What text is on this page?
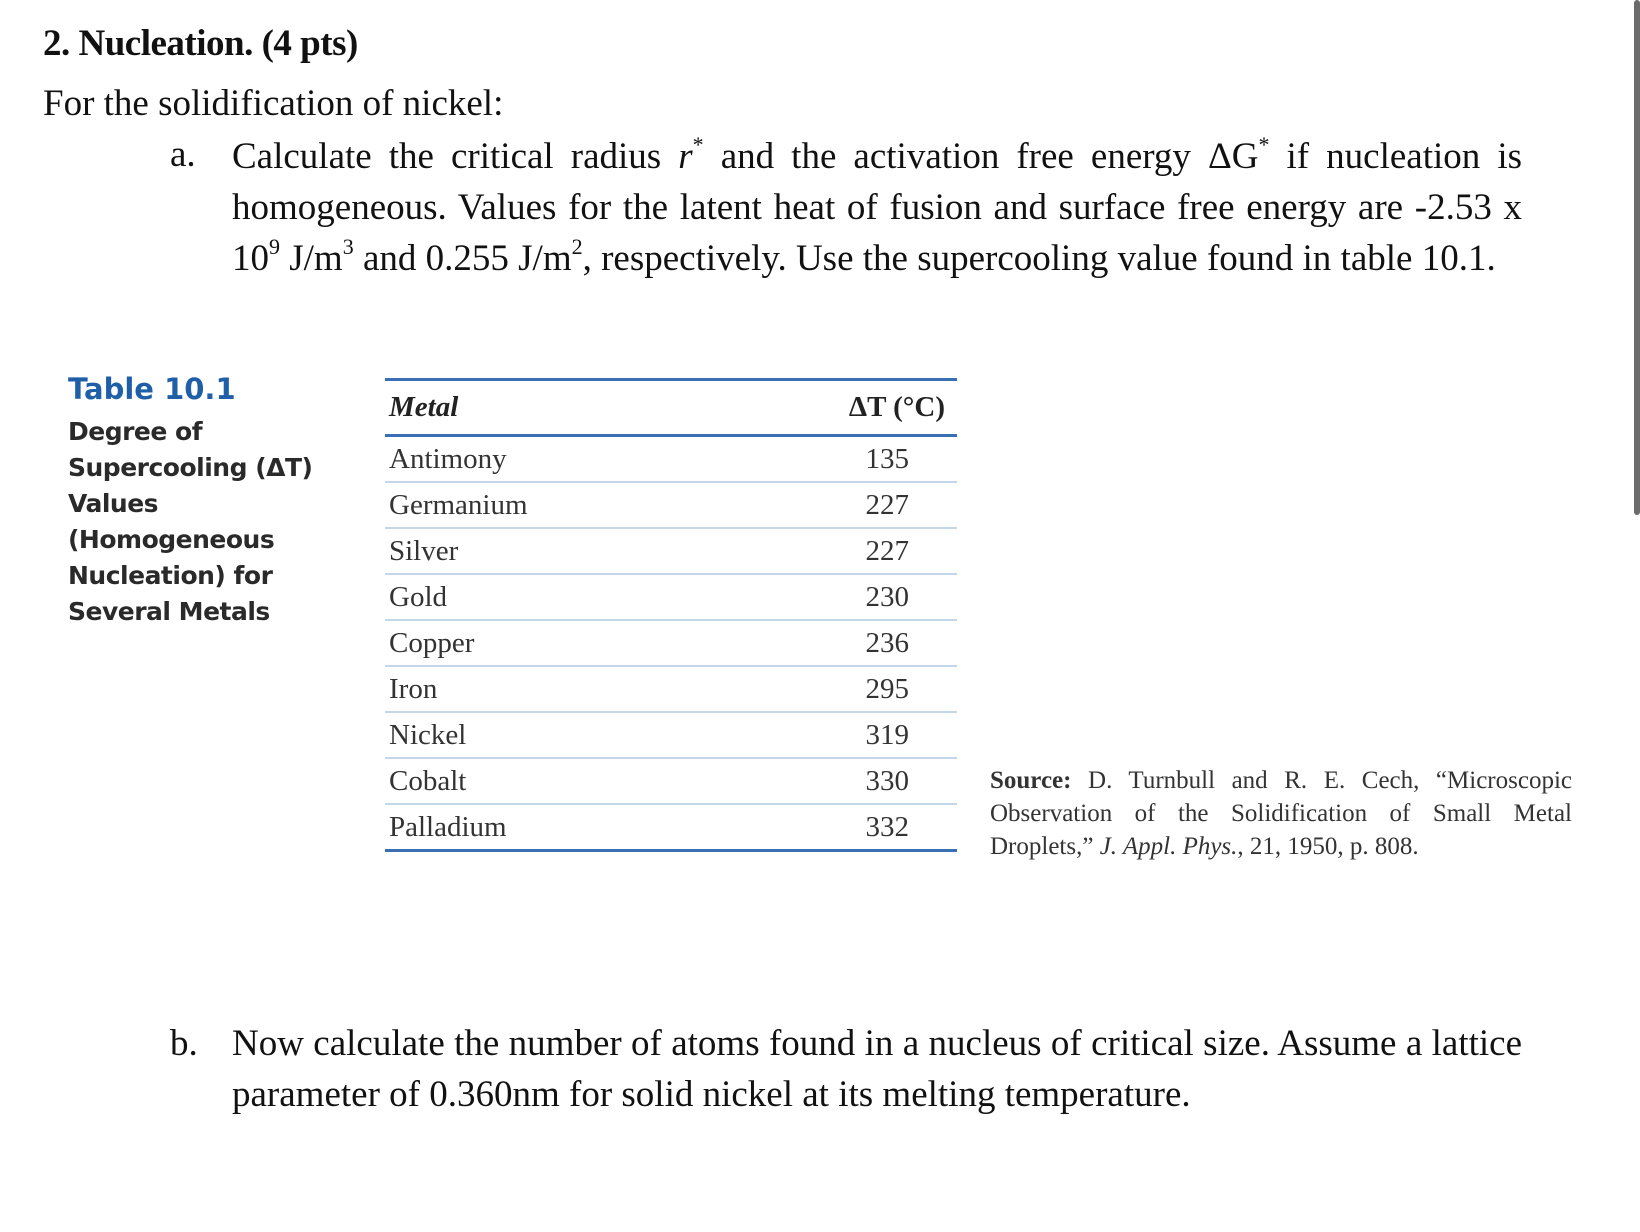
2. Nucleation. (4 pts)
For the solidification of nickel:
a. Calculate the critical radius r* and the activation free energy ΔG* if nucleation is homogeneous. Values for the latent heat of fusion and surface free energy are -2.53 x $10^9$ $J/m^3$ and 0.255 $J/m^2$, respectively. Use the supercooling value found in table 10.1.
Table 10.1
Degree of Supercooling (ΔT) Values (Homogeneous Nucleation) for Several Metals
Metal	ΔT (°C)
Antimony	135
Germanium	227
Silver	227
Gold	230
Copper	236
Iron	295
Nickel	319
Cobalt	330
Palladium	332
Source: D. Turnbull and R. E. Cech, “Microscopic Observation of the Solidification of Small Metal Droplets,” J. Appl. Phys., 21, 1950, p. 808.
b. Now calculate the number of atoms found in a nucleus of critical size. Assume a lattice parameter of 0.360nm for solid nickel at its melting temperature.
